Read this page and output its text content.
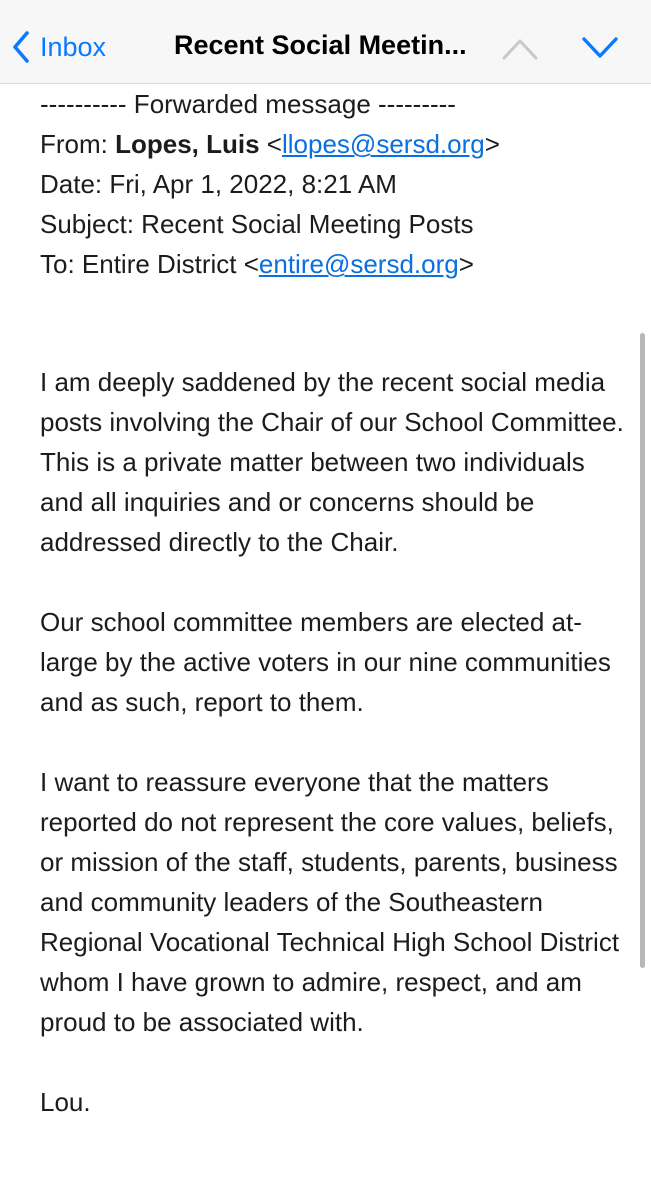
Inbox	Recent Social Meetin...
---------- Forwarded message ---------
From: Lopes, Luis <llopes@sersd.org>
Date: Fri, Apr 1, 2022, 8:21 AM
Subject: Recent Social Meeting Posts
To: Entire District <entire@sersd.org>

I am deeply saddened by the recent social media posts involving the Chair of our School Committee. This is a private matter between two individuals and all inquiries and or concerns should be addressed directly to the Chair.

Our school committee members are elected at-large by the active voters in our nine communities and as such, report to them.

I want to reassure everyone that the matters reported do not represent the core values, beliefs, or mission of the staff, students, parents, business and community leaders of the Southeastern Regional Vocational Technical High School District whom I have grown to admire, respect, and am proud to be associated with.

Lou.
